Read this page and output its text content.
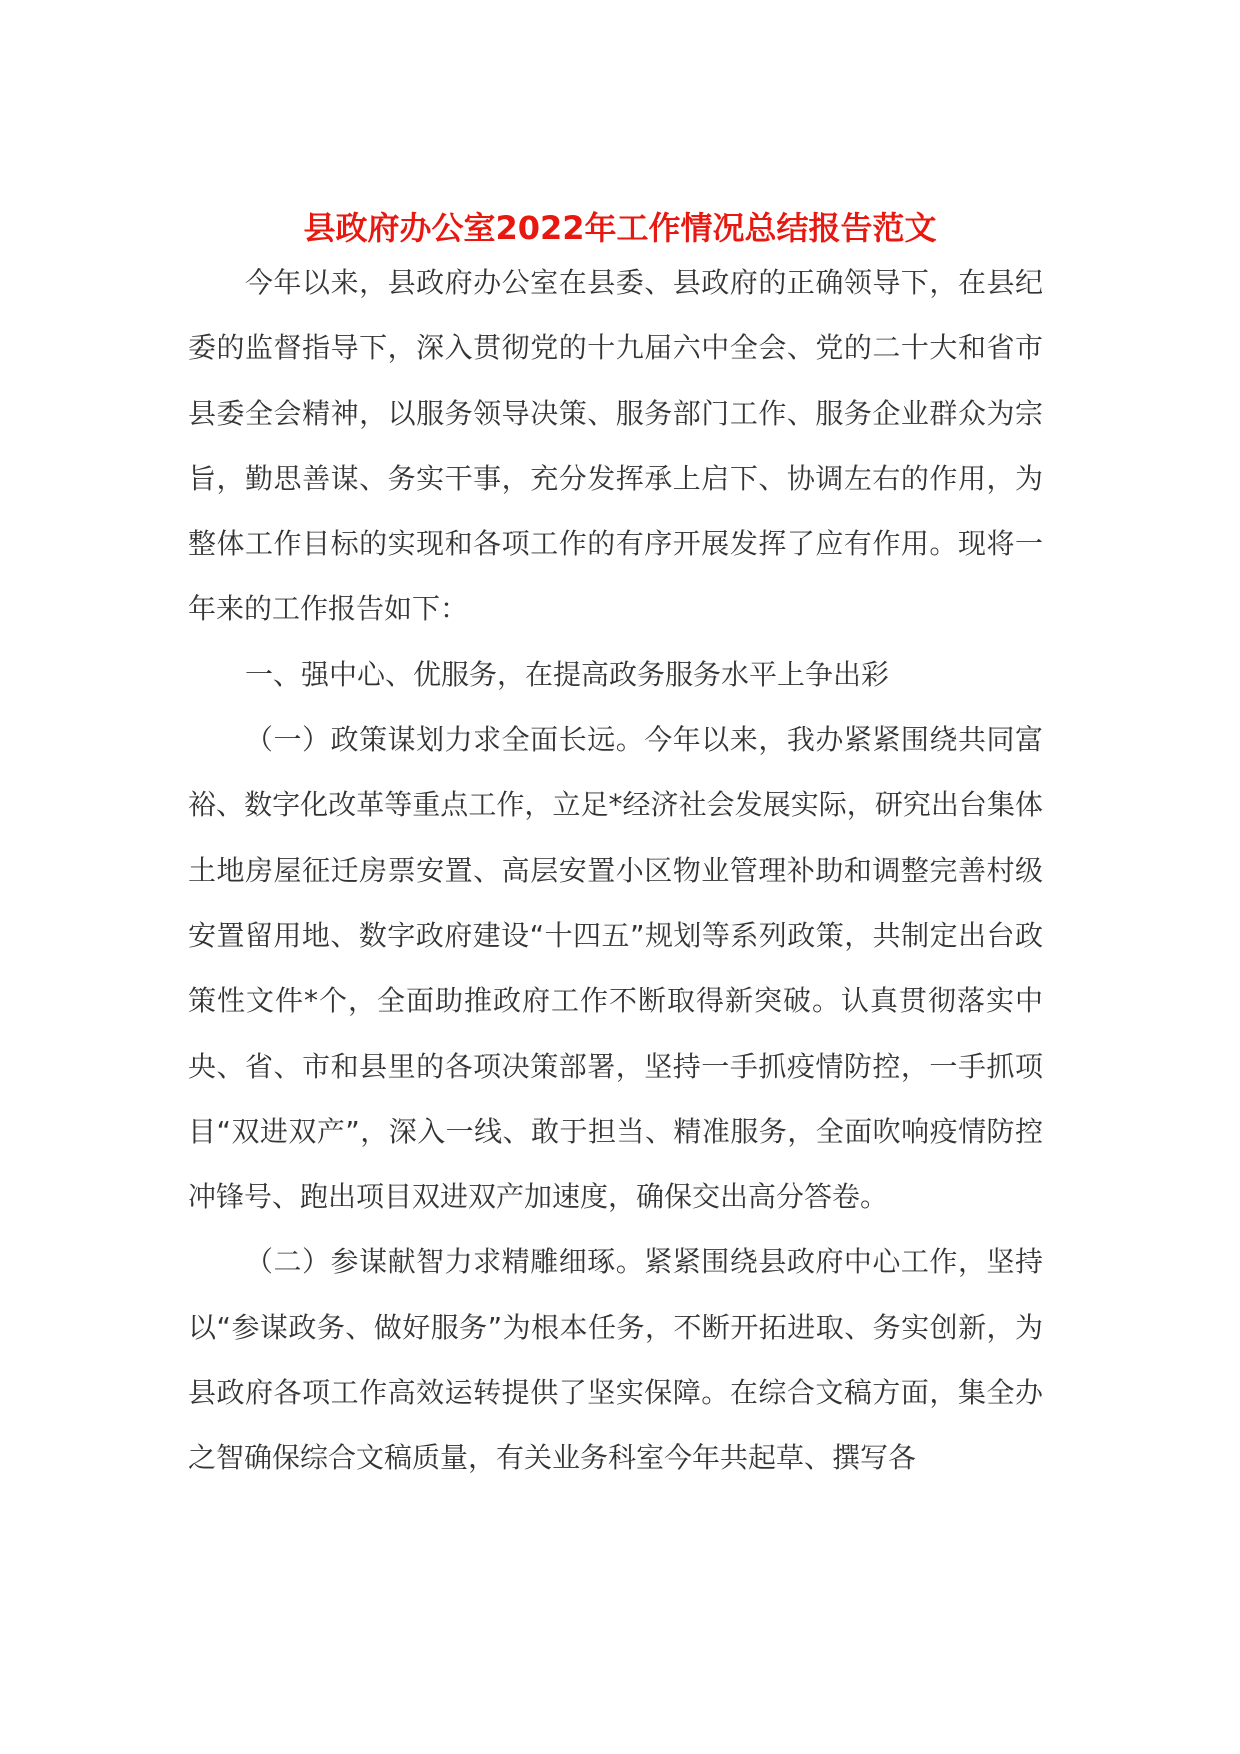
县政府办公室2022年工作情况总结报告范文

今年以来，县政府办公室在县委、县政府的正确领导下，在县纪委的监督指导下，深入贯彻党的十九届六中全会、党的二十大和省市县委全会精神，以服务领导决策、服务部门工作、服务企业群众为宗旨，勤思善谋、务实干事，充分发挥承上启下、协调左右的作用，为整体工作目标的实现和各项工作的有序开展发挥了应有作用。现将一年来的工作报告如下：

一、强中心、优服务，在提高政务服务水平上争出彩

（一）政策谋划力求全面长远。今年以来，我办紧紧围绕共同富裕、数字化改革等重点工作，立足*经济社会发展实际，研究出台集体土地房屋征迁房票安置、高层安置小区物业管理补助和调整完善村级安置留用地、数字政府建设“十四五”规划等系列政策，共制定出台政策性文件*个，全面助推政府工作不断取得新突破。认真贯彻落实中央、省、市和县里的各项决策部署，坚持一手抓疫情防控，一手抓项目“双进双产”，深入一线、敢于担当、精准服务，全面吹响疫情防控冲锋号、跑出项目双进双产加速度，确保交出高分答卷。

（二）参谋献智力求精雕细琢。紧紧围绕县政府中心工作，坚持以“参谋政务、做好服务”为根本任务，不断开拓进取、务实创新，为县政府各项工作高效运转提供了坚实保障。在综合文稿方面，集全办之智确保综合文稿质量，有关业务科室今年共起草、撰写各
